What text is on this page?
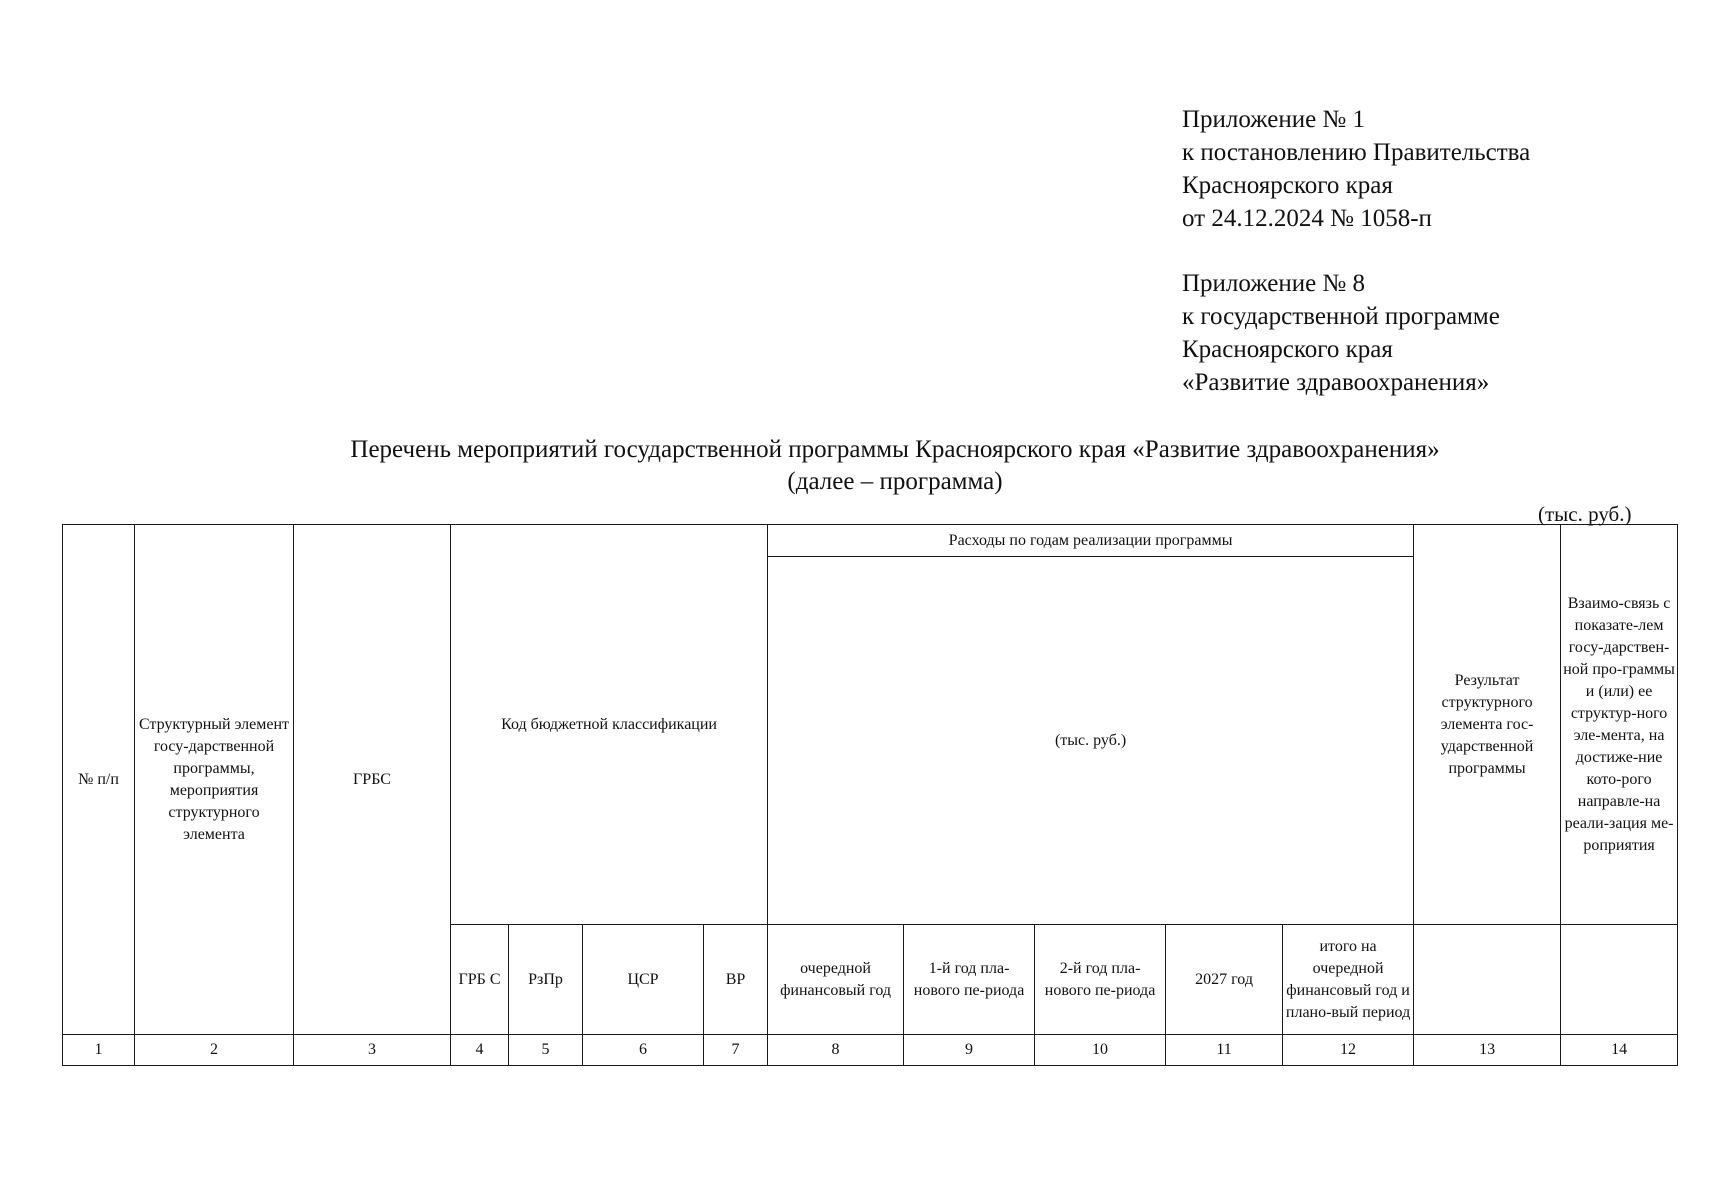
Приложение № 1
к постановлению Правительства
Красноярского края
от 24.12.2024 № 1058-п
Приложение № 8
к государственной программе
Красноярского края
«Развитие здравоохранения»
Перечень мероприятий государственной программы Красноярского края «Развитие здравоохранения»
(далее – программа)
(тыс. руб.)
№ п/п	Структурный элемент госу-дарственной программы, мероприятия структурного элемента	ГРБС	Код бюджетной классификации				Расходы по годам реализации программы					Результат структурного элемента гос-ударственной программы	Взаимо-связь с показате-лем госу-дарствен-ной про-граммы и (или) ее структур-ного эле-мента, на достиже-ние кото-рого направле-на реали-зация ме-роприятия
							(тыс. руб.)						
			ГРБ С	РзПр	ЦСР	ВР	очередной финансовый год	1-й год пла-нового пе-риода	2-й год пла-нового пе-риода	2027 год	итого на очередной финансовый год и плано-вый период		
1	2	3	4	5	6	7	8	9	10	11	12	13	14
